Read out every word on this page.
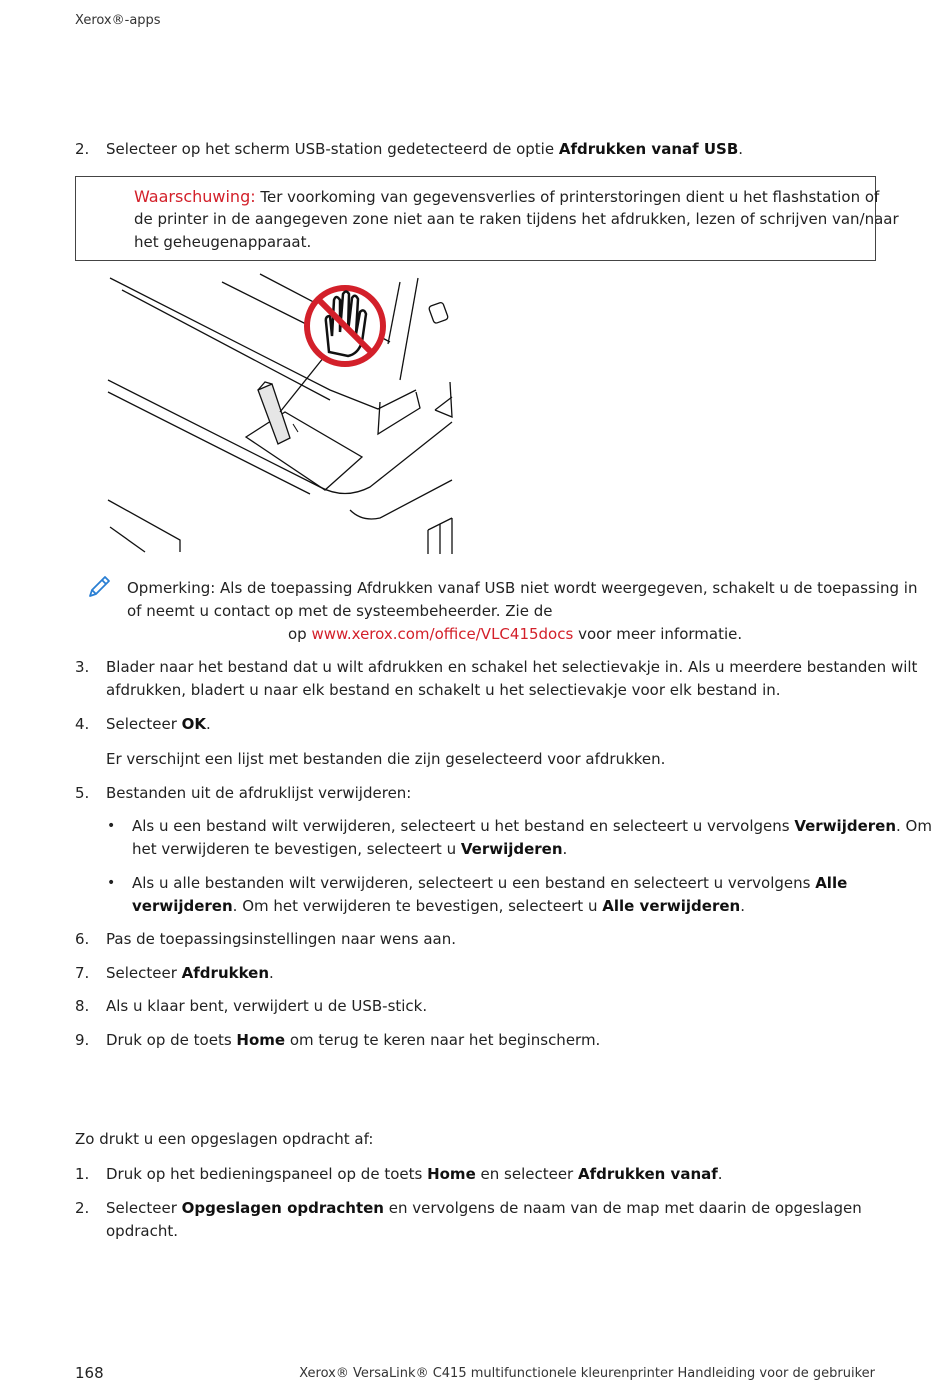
Xerox®-apps
2. Selecteer op het scherm USB-station gedetecteerd de optie Afdrukken vanaf USB.
Waarschuwing: Ter voorkoming van gegevensverlies of printerstoringen dient u het flashstation of
de printer in de aangegeven zone niet aan te raken tijdens het afdrukken, lezen of schrijven van/naar
het geheugenapparaat.
Opmerking: Als de toepassing Afdrukken vanaf USB niet wordt weergegeven, schakelt u de toepassing in
of neemt u contact op met de systeembeheerder. Zie de
op www.xerox.com/office/VLC415docs voor meer informatie.
3. Blader naar het bestand dat u wilt afdrukken en schakel het selectievakje in. Als u meerdere bestanden wilt
afdrukken, bladert u naar elk bestand en schakelt u het selectievakje voor elk bestand in.
4. Selecteer OK.
Er verschijnt een lijst met bestanden die zijn geselecteerd voor afdrukken.
5. Bestanden uit de afdruklijst verwijderen:
• Als u een bestand wilt verwijderen, selecteert u het bestand en selecteert u vervolgens Verwijderen. Om
het verwijderen te bevestigen, selecteert u Verwijderen.
• Als u alle bestanden wilt verwijderen, selecteert u een bestand en selecteert u vervolgens Alle
verwijderen. Om het verwijderen te bevestigen, selecteert u Alle verwijderen.
6. Pas de toepassingsinstellingen naar wens aan.
7. Selecteer Afdrukken.
8. Als u klaar bent, verwijdert u de USB-stick.
9. Druk op de toets Home om terug te keren naar het beginscherm.
Zo drukt u een opgeslagen opdracht af:
1. Druk op het bedieningspaneel op de toets Home en selecteer Afdrukken vanaf.
2. Selecteer Opgeslagen opdrachten en vervolgens de naam van de map met daarin de opgeslagen
opdracht.
168	Xerox® VersaLink® C415 multifunctionele kleurenprinter Handleiding voor de gebruiker
